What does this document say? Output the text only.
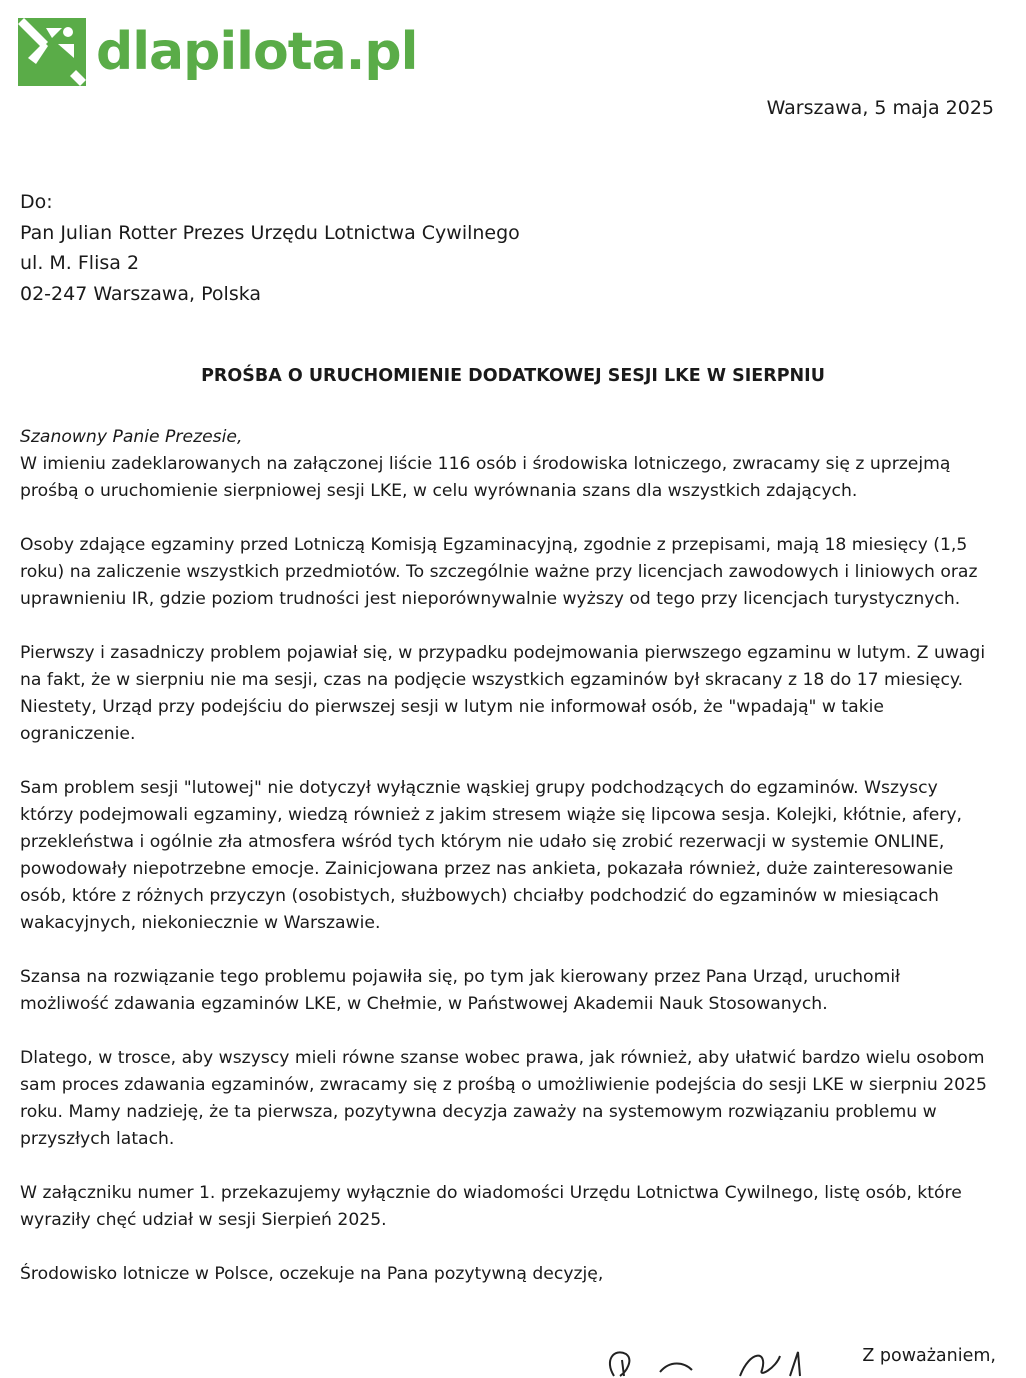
dlapilota.pl
Warszawa, 5 maja 2025
Do:
Pan Julian Rotter Prezes Urzędu Lotnictwa Cywilnego
ul. M. Flisa 2
02-247 Warszawa, Polska
PROŚBA O URUCHOMIENIE DODATKOWEJ SESJI LKE W SIERPNIU
Szanowny Panie Prezesie,

W imieniu zadeklarowanych na załączonej liście 116 osób i środowiska lotniczego, zwracamy się z uprzejmą prośbą o uruchomienie sierpniowej sesji LKE, w celu wyrównania szans dla wszystkich zdających.

Osoby zdające egzaminy przed Lotniczą Komisją Egzaminacyjną, zgodnie z przepisami, mają 18 miesięcy (1,5 roku) na zaliczenie wszystkich przedmiotów. To szczególnie ważne przy licencjach zawodowych i liniowych oraz uprawnieniu IR, gdzie poziom trudności jest nieporównywalnie wyższy od tego przy licencjach turystycznych.

Pierwszy i zasadniczy problem pojawiał się, w przypadku podejmowania pierwszego egzaminu w lutym. Z uwagi na fakt, że w sierpniu nie ma sesji, czas na podjęcie wszystkich egzaminów był skracany z 18 do 17 miesięcy. Niestety, Urząd przy podejściu do pierwszej sesji w lutym nie informował osób, że "wpadają" w takie ograniczenie.

Sam problem sesji "lutowej" nie dotyczył wyłącznie wąskiej grupy podchodzących do egzaminów. Wszyscy którzy podejmowali egzaminy, wiedzą również z jakim stresem wiąże się lipcowa sesja. Kolejki, kłótnie, afery, przekleństwa i ogólnie zła atmosfera wśród tych którym nie udało się zrobić rezerwacji w systemie ONLINE, powodowały niepotrzebne emocje. Zainicjowana przez nas ankieta, pokazała również, duże zainteresowanie osób, które z różnych przyczyn (osobistych, służbowych) chciałby podchodzić do egzaminów w miesiącach wakacyjnych, niekoniecznie w Warszawie.

Szansa na rozwiązanie tego problemu pojawiła się, po tym jak kierowany przez Pana Urząd, uruchomił możliwość zdawania egzaminów LKE, w Chełmie, w Państwowej Akademii Nauk Stosowanych.

Dlatego, w trosce, aby wszyscy mieli równe szanse wobec prawa, jak również, aby ułatwić bardzo wielu osobom sam proces zdawania egzaminów, zwracamy się z prośbą o umożliwienie podejścia do sesji LKE w sierpniu 2025 roku. Mamy nadzieję, że ta pierwsza, pozytywna decyzja zaważy na systemowym rozwiązaniu problemu w przyszłych latach.

W załączniku numer 1. przekazujemy wyłącznie do wiadomości Urzędu Lotnictwa Cywilnego, listę osób, które wyraziły chęć udział w sesji Sierpień 2025.

Środowisko lotnicze w Polsce, oczekuje na Pana pozytywną decyzję,

Z poważaniem,
